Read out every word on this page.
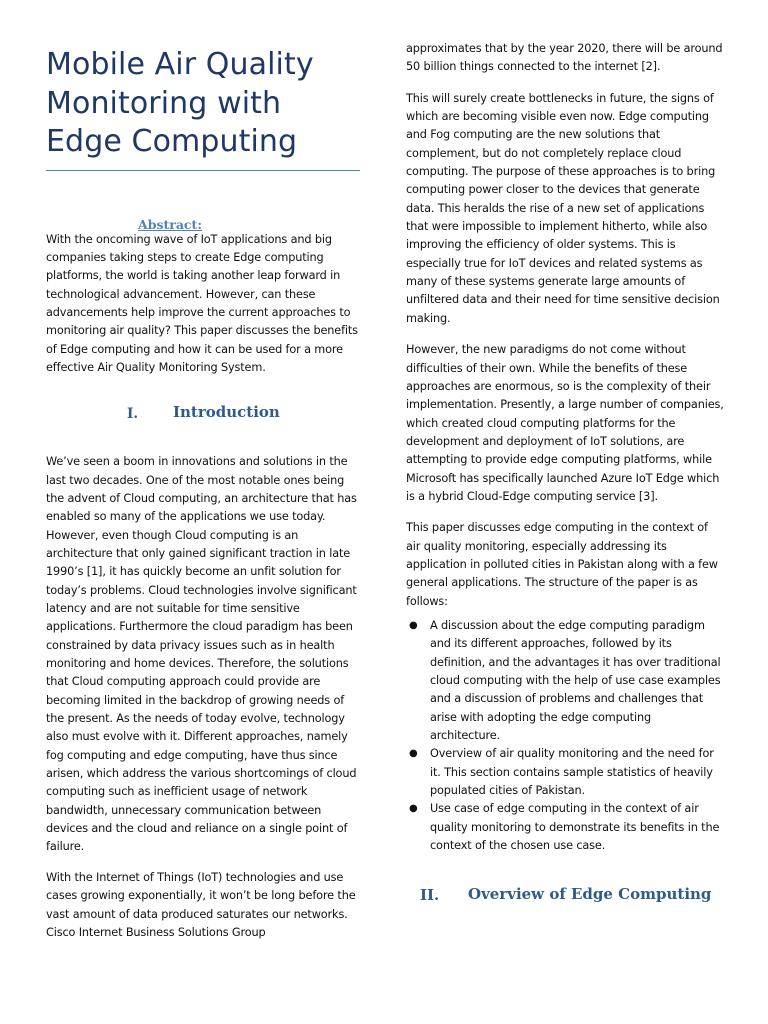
Mobile Air Quality Monitoring with Edge Computing
Abstract:

With the oncoming wave of IoT applications and big companies taking steps to create Edge computing platforms, the world is taking another leap forward in technological advancement. However, can these advancements help improve the current approaches to monitoring air quality? This paper discusses the benefits of Edge computing and how it can be used for a more effective Air Quality Monitoring System.

I. Introduction

We’ve seen a boom in innovations and solutions in the last two decades. One of the most notable ones being the advent of Cloud computing, an architecture that has enabled so many of the applications we use today. However, even though Cloud computing is an architecture that only gained significant traction in late 1990’s [1], it has quickly become an unfit solution for today’s problems. Cloud technologies involve significant latency and are not suitable for time sensitive applications. Furthermore the cloud paradigm has been constrained by data privacy issues such as in health monitoring and home devices. Therefore, the solutions that Cloud computing approach could provide are becoming limited in the backdrop of growing needs of the present. As the needs of today evolve, technology also must evolve with it. Different approaches, namely fog computing and edge computing, have thus since arisen, which address the various shortcomings of cloud computing such as inefficient usage of network bandwidth, unnecessary communication between devices and the cloud and reliance on a single point of failure.

With the Internet of Things (IoT) technologies and use cases growing exponentially, it won’t be long before the vast amount of data produced saturates our networks. Cisco Internet Business Solutions Group

approximates that by the year 2020, there will be around 50 billion things connected to the internet [2].

This will surely create bottlenecks in future, the signs of which are becoming visible even now. Edge computing and Fog computing are the new solutions that complement, but do not completely replace cloud computing. The purpose of these approaches is to bring computing power closer to the devices that generate data. This heralds the rise of a new set of applications that were impossible to implement hitherto, while also improving the efficiency of older systems. This is especially true for IoT devices and related systems as many of these systems generate large amounts of unfiltered data and their need for time sensitive decision making.

However, the new paradigms do not come without difficulties of their own. While the benefits of these approaches are enormous, so is the complexity of their implementation. Presently, a large number of companies, which created cloud computing platforms for the development and deployment of IoT solutions, are attempting to provide edge computing platforms, while Microsoft has specifically launched Azure IoT Edge which is a hybrid Cloud-Edge computing service [3].

This paper discusses edge computing in the context of air quality monitoring, especially addressing its application in polluted cities in Pakistan along with a few general applications. The structure of the paper is as follows:

● A discussion about the edge computing paradigm and its different approaches, followed by its definition, and the advantages it has over traditional cloud computing with the help of use case examples and a discussion of problems and challenges that arise with adopting the edge computing architecture.
● Overview of air quality monitoring and the need for it. This section contains sample statistics of heavily populated cities of Pakistan.
● Use case of edge computing in the context of air quality monitoring to demonstrate its benefits in the context of the chosen use case.
II. Overview of Edge Computing
